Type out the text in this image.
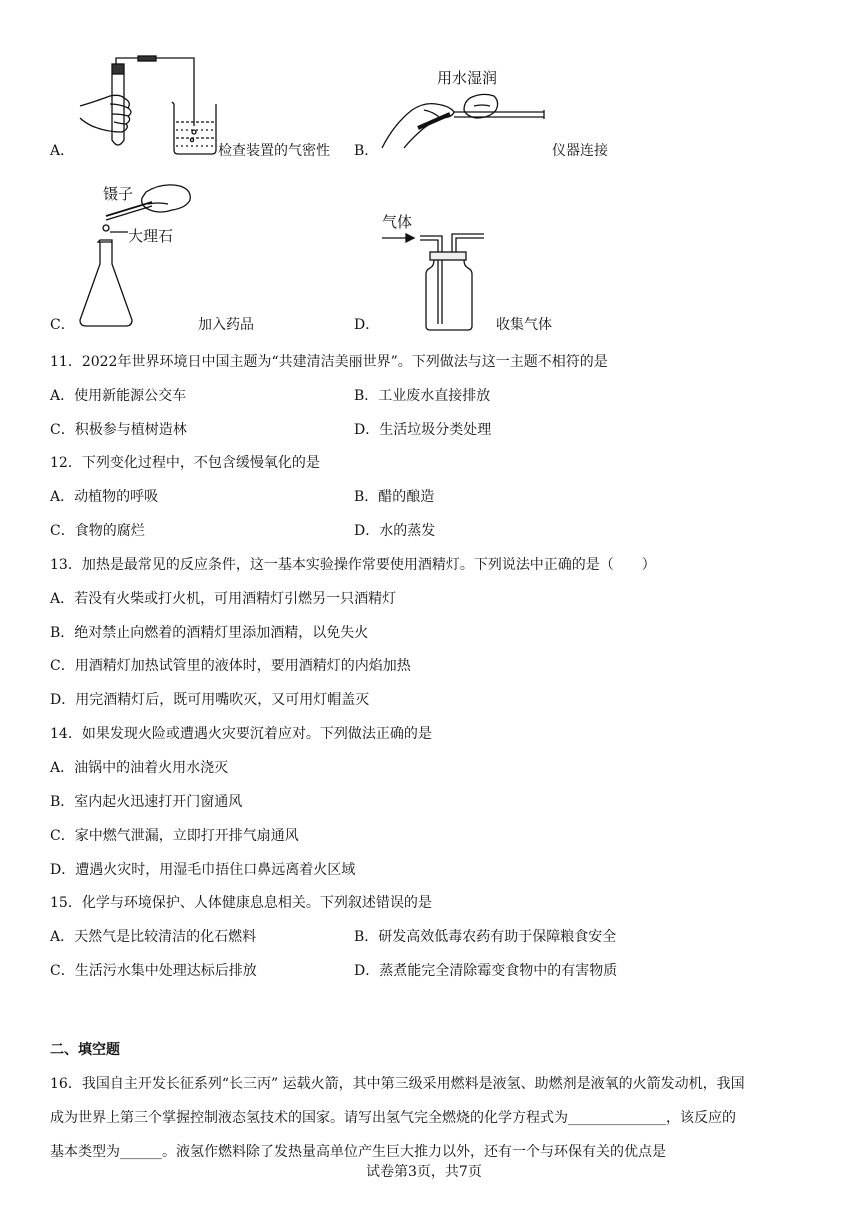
A．	检查装置的气密性
用水湿润
B．	仪器连接
镊子
大理石
C．	加入药品
气体
D．	收集气体
11．2022年世界环境日中国主题为“共建清洁美丽世界”。下列做法与这一主题不相符的是
A．使用新能源公交车	B．工业废水直接排放
C．积极参与植树造林	D．生活垃圾分类处理
12．下列变化过程中，不包含缓慢氧化的是
A．动植物的呼吸	B．醋的酿造
C．食物的腐烂	D．水的蒸发
13．加热是最常见的反应条件，这一基本实验操作常要使用酒精灯。下列说法中正确的是（　　）
A．若没有火柴或打火机，可用酒精灯引燃另一只酒精灯
B．绝对禁止向燃着的酒精灯里添加酒精，以免失火
C．用酒精灯加热试管里的液体时，要用酒精灯的内焰加热
D．用完酒精灯后，既可用嘴吹灭，又可用灯帽盖灭
14．如果发现火险或遭遇火灾要沉着应对。下列做法正确的是
A．油锅中的油着火用水浇灭
B．室内起火迅速打开门窗通风
C．家中燃气泄漏，立即打开排气扇通风
D．遭遇火灾时，用湿毛巾捂住口鼻远离着火区域
15．化学与环境保护、人体健康息息相关。下列叙述错误的是
A．天然气是比较清洁的化石燃料	B．研发高效低毒农药有助于保障粮食安全
C．生活污水集中处理达标后排放	D．蒸煮能完全清除霉变食物中的有害物质
二、填空题
16．我国自主开发长征系列“长三丙” 运载火箭，其中第三级采用燃料是液氢、助燃剂是液氧的火箭发动机，我国
成为世界上第三个掌握控制液态氢技术的国家。请写出氢气完全燃烧的化学方程式为______________，该反应的
基本类型为______。液氢作燃料除了发热量高单位产生巨大推力以外，还有一个与环保有关的优点是
试卷第3页，共7页
